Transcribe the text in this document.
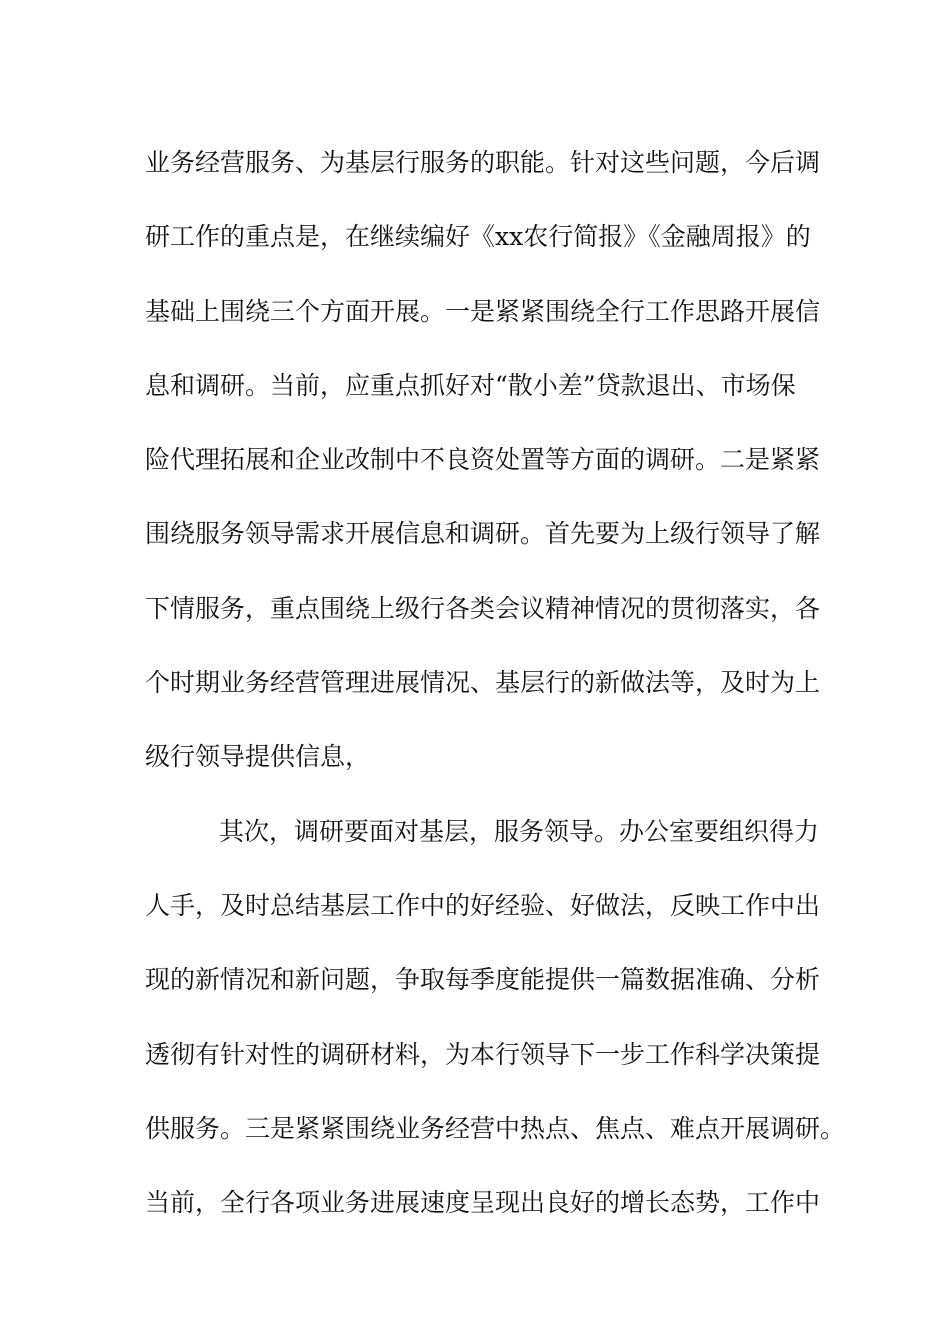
业务经营服务、为基层行服务的职能。针对这些问题，今后调
研工作的重点是，在继续编好《xx农行简报》《金融周报》的
基础上围绕三个方面开展。一是紧紧围绕全行工作思路开展信
息和调研。当前，应重点抓好对“散小差”贷款退出、市场保
险代理拓展和企业改制中不良资处置等方面的调研。二是紧紧
围绕服务领导需求开展信息和调研。首先要为上级行领导了解
下情服务，重点围绕上级行各类会议精神情况的贯彻落实，各
个时期业务经营管理进展情况、基层行的新做法等，及时为上
级行领导提供信息，
其次，调研要面对基层，服务领导。办公室要组织得力
人手，及时总结基层工作中的好经验、好做法，反映工作中出
现的新情况和新问题，争取每季度能提供一篇数据准确、分析
透彻有针对性的调研材料，为本行领导下一步工作科学决策提
供服务。三是紧紧围绕业务经营中热点、焦点、难点开展调研。
当前，全行各项业务进展速度呈现出良好的增长态势，工作中
